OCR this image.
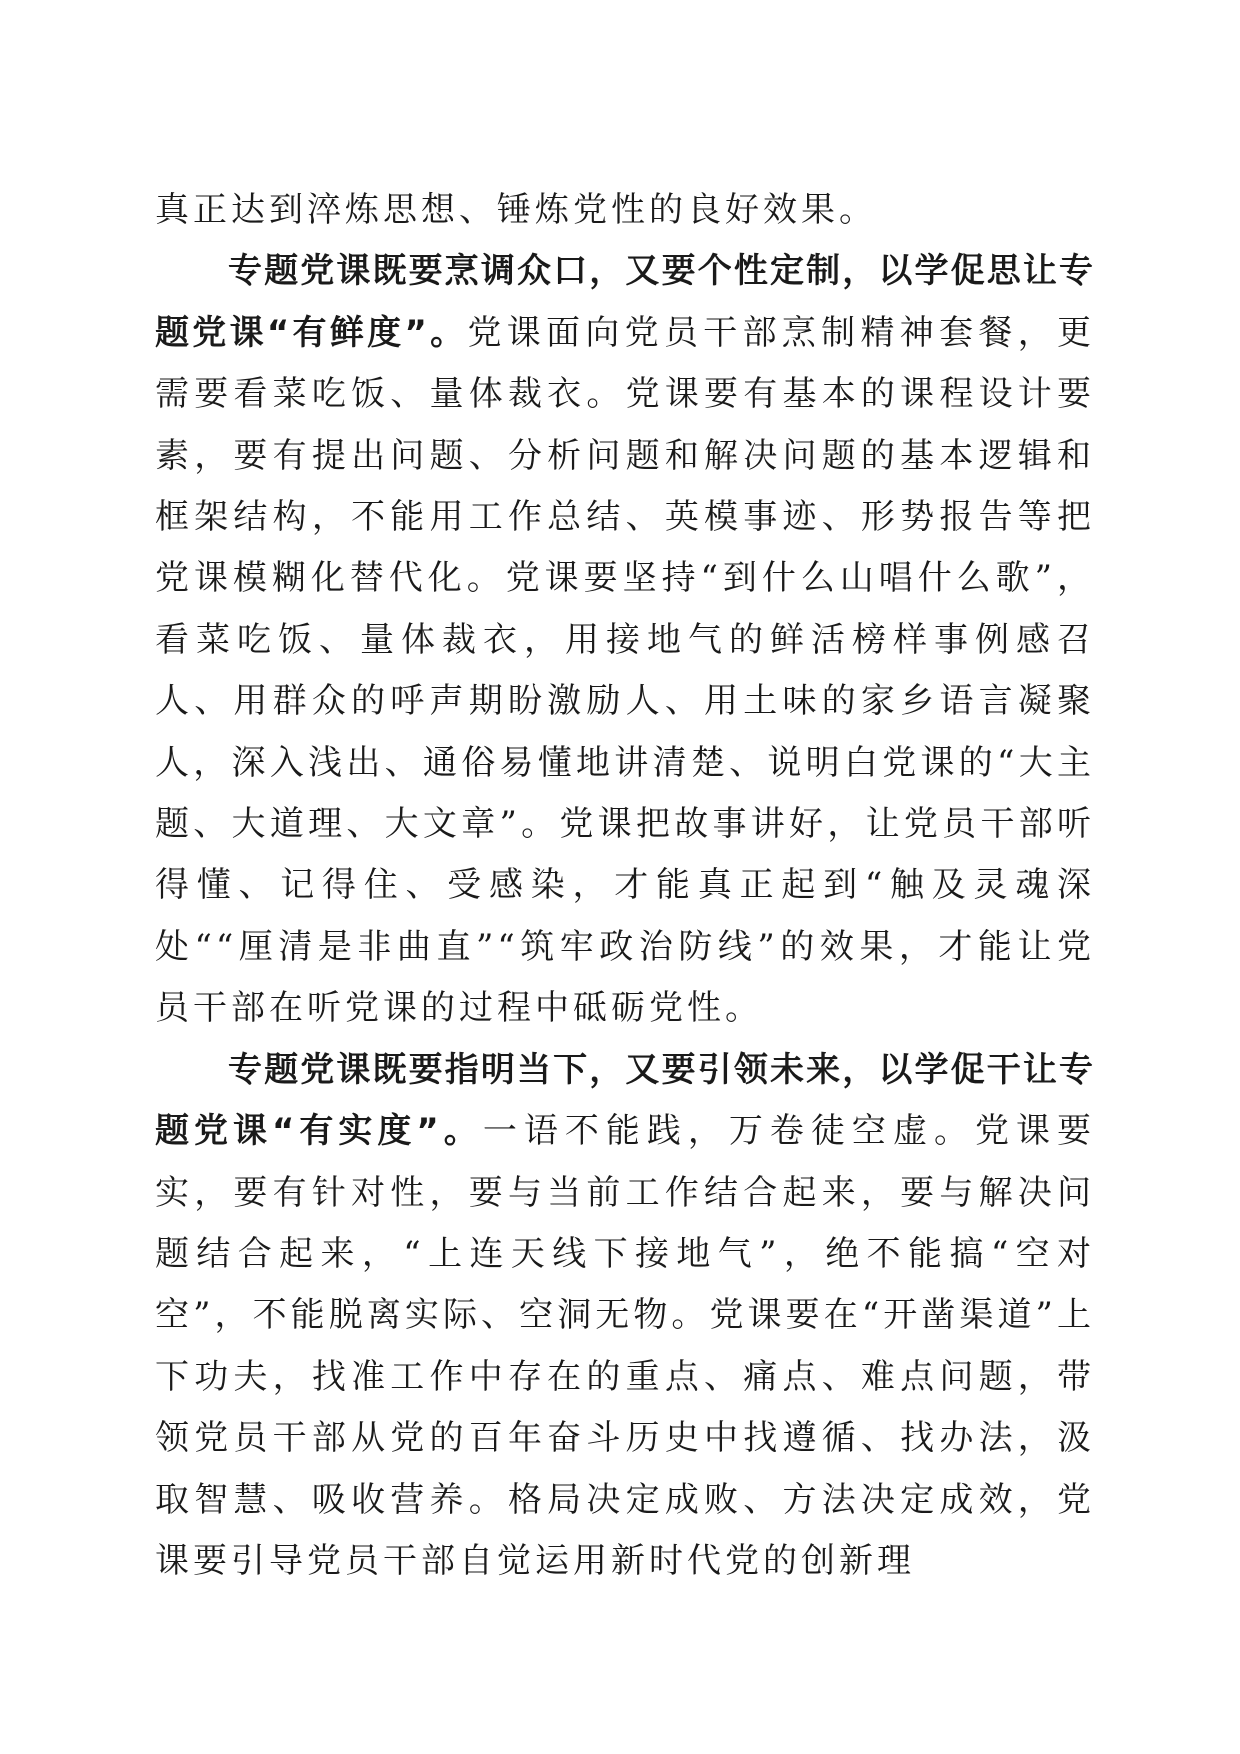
真正达到淬炼思想、锤炼党性的良好效果。

专题党课既要烹调众口，又要个性定制，以学促思让专题党课“有鲜度”。党课面向党员干部烹制精神套餐，更需要看菜吃饭、量体裁衣。党课要有基本的课程设计要素，要有提出问题、分析问题和解决问题的基本逻辑和框架结构，不能用工作总结、英模事迹、形势报告等把党课模糊化替代化。党课要坚持“到什么山唱什么歌”，看菜吃饭、量体裁衣，用接地气的鲜活榜样事例感召人、用群众的呼声期盼激励人、用土味的家乡语言凝聚人，深入浅出、通俗易懂地讲清楚、说明白党课的“大主题、大道理、大文章”。党课把故事讲好，让党员干部听得懂、记得住、受感染，才能真正起到“触及灵魂深处““厘清是非曲直”“筑牢政治防线”的效果，才能让党员干部在听党课的过程中砥砺党性。

专题党课既要指明当下，又要引领未来，以学促干让专题党课“有实度”。一语不能践，万卷徒空虚。党课要实，要有针对性，要与当前工作结合起来，要与解决问题结合起来，“上连天线下接地气”，绝不能搞“空对空”，不能脱离实际、空洞无物。党课要在“开凿渠道”上下功夫，找准工作中存在的重点、痛点、难点问题，带领党员干部从党的百年奋斗历史中找遵循、找办法，汲取智慧、吸收营养。格局决定成败、方法决定成效，党课要引导党员干部自觉运用新时代党的创新理
